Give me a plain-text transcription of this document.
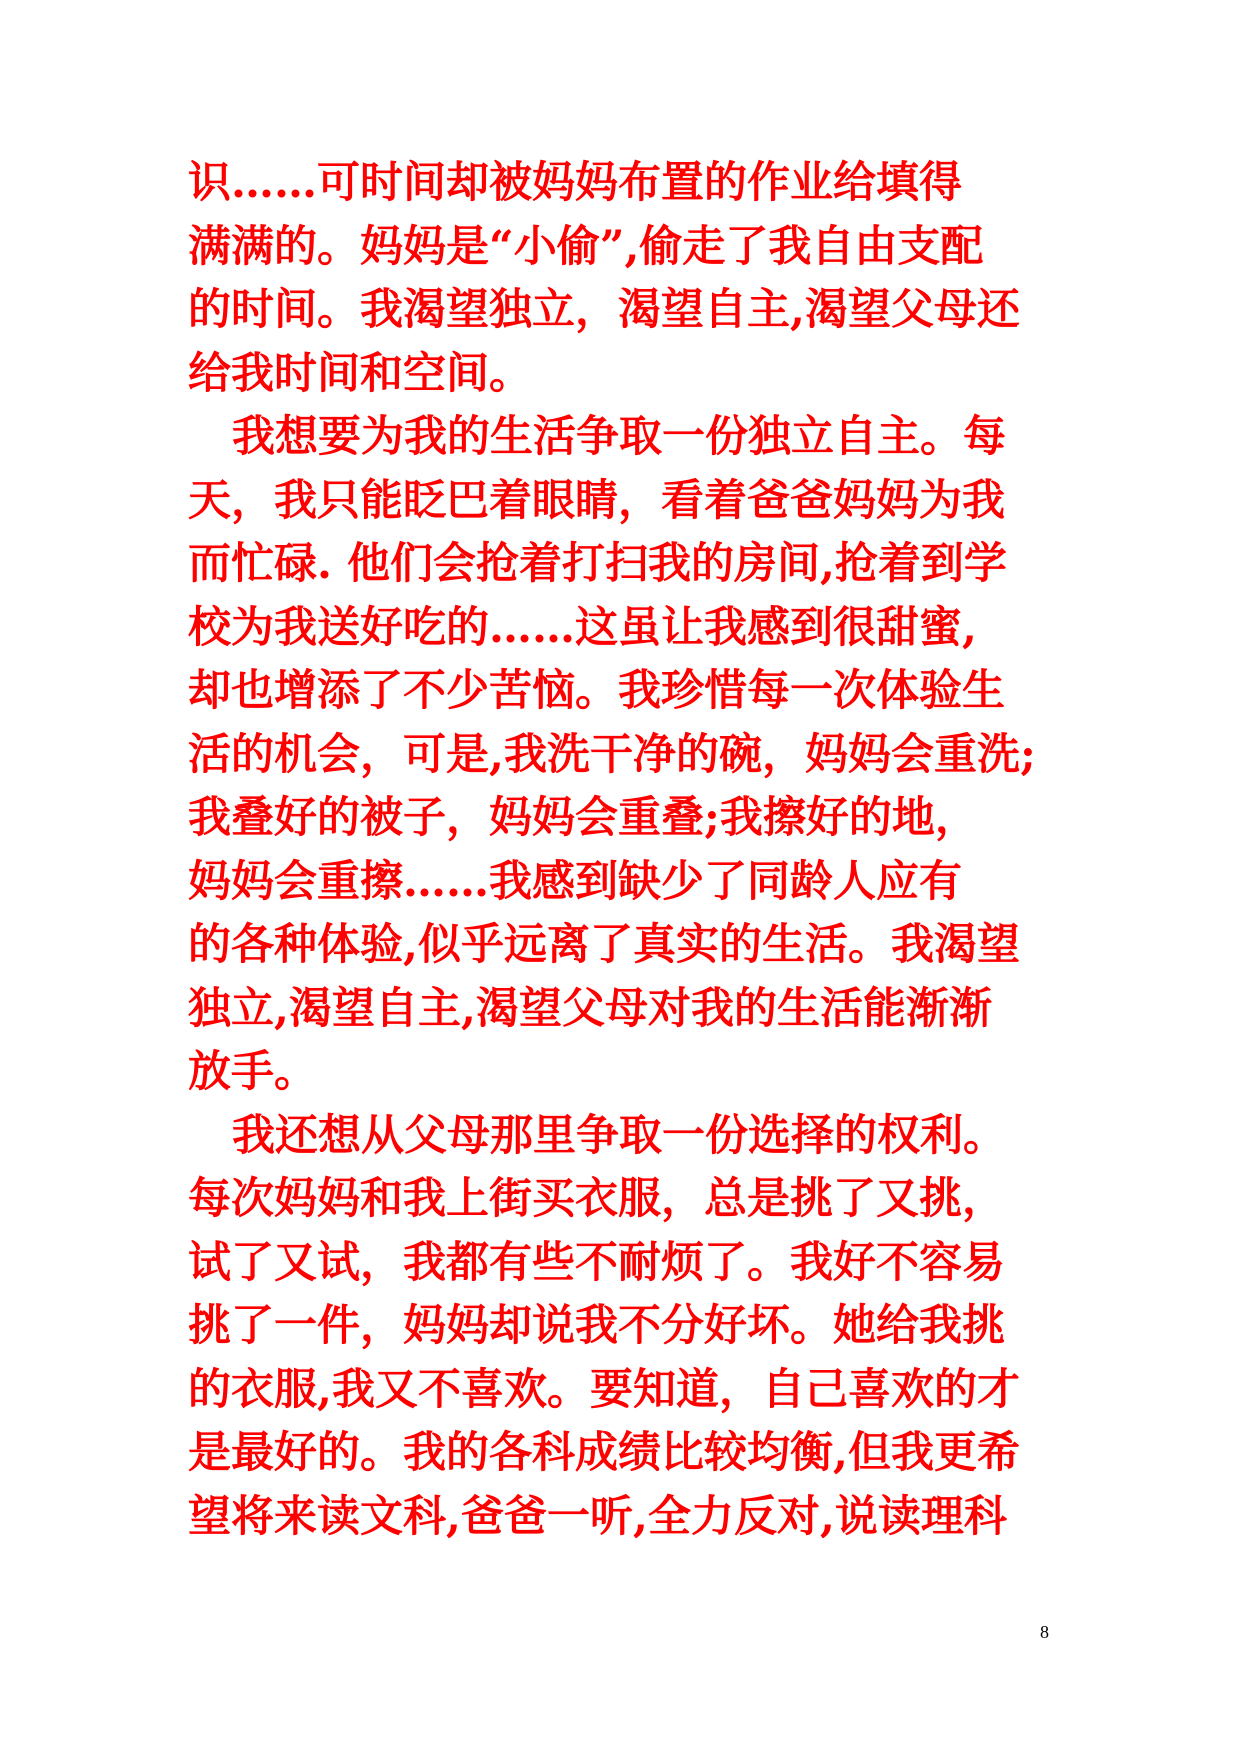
识……可时间却被妈妈布置的作业给填得
满满的。妈妈是“小偷”,偷走了我自由支配
的时间。我渴望独立，渴望自主,渴望父母还
给我时间和空间。
我想要为我的生活争取一份独立自主。每
天，我只能眨巴着眼睛，看着爸爸妈妈为我
而忙碌. 他们会抢着打扫我的房间,抢着到学
校为我送好吃的……这虽让我感到很甜蜜,
却也增添了不少苦恼。我珍惜每一次体验生
活的机会，可是,我洗干净的碗，妈妈会重洗;
我叠好的被子，妈妈会重叠;我擦好的地，
妈妈会重擦……我感到缺少了同龄人应有
的各种体验,似乎远离了真实的生活。我渴望
独立,渴望自主,渴望父母对我的生活能渐渐
放手。
我还想从父母那里争取一份选择的权利。
每次妈妈和我上街买衣服，总是挑了又挑，
试了又试，我都有些不耐烦了。我好不容易
挑了一件，妈妈却说我不分好坏。她给我挑
的衣服,我又不喜欢。要知道，自己喜欢的才
是最好的。我的各科成绩比较均衡,但我更希
望将来读文科,爸爸一听,全力反对,说读理科
8
